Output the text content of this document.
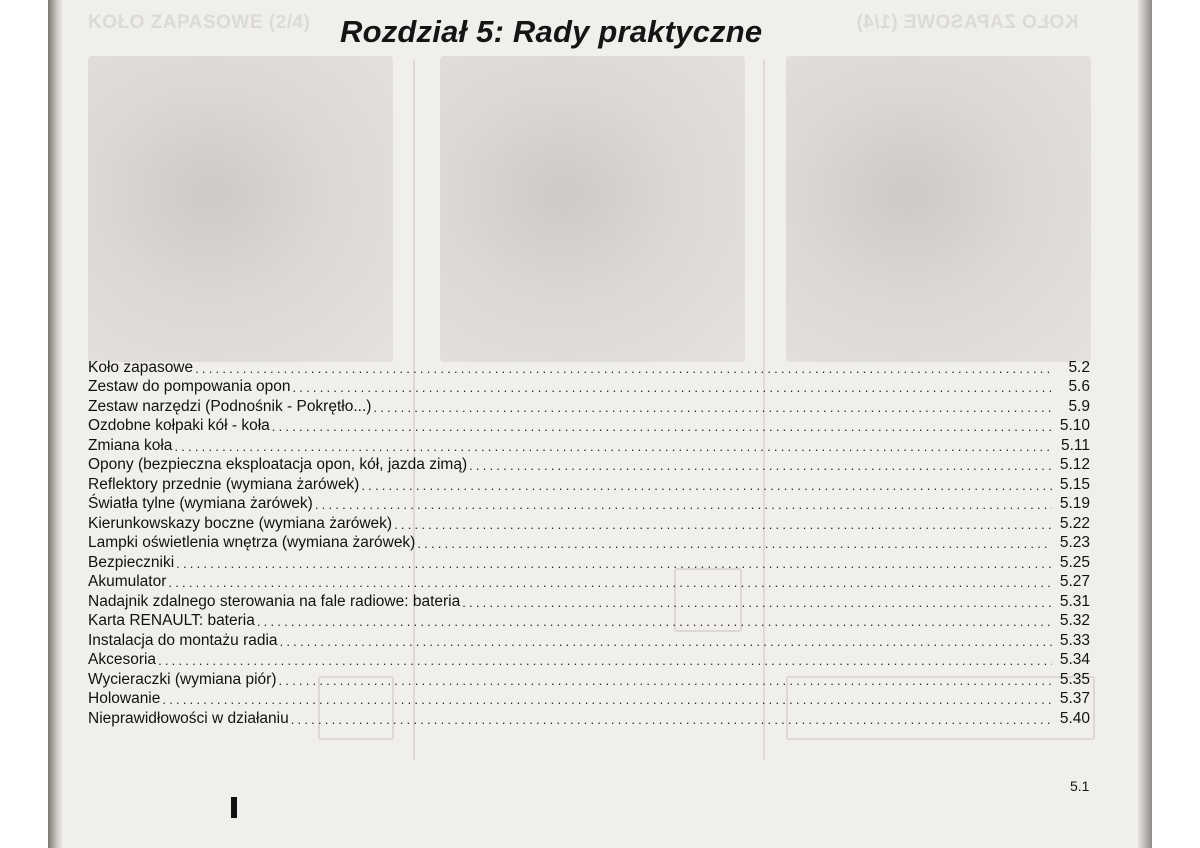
KOŁO ZAPASOWE (2/4)	KOŁO ZAPASOWE (1/4)
Rozdział 5: Rady praktyczne
Koło zapasowe .....	5.2
Zestaw do pompowania opon .....	5.6
Zestaw narzędzi (Podnośnik - Pokrętło...) .....	5.9
Ozdobne kołpaki kół - koła .....	5.10
Zmiana koła .....	5.11
Opony (bezpieczna eksploatacja opon, kół, jazda zimą) .....	5.12
Reflektory przednie (wymiana żarówek) .....	5.15
Światła tylne (wymiana żarówek) .....	5.19
Kierunkowskazy boczne (wymiana żarówek) .....	5.22
Lampki oświetlenia wnętrza (wymiana żarówek) .....	5.23
Bezpieczniki .....	5.25
Akumulator .....	5.27
Nadajnik zdalnego sterowania na fale radiowe: bateria .....	5.31
Karta RENAULT: bateria .....	5.32
Instalacja do montażu radia .....	5.33
Akcesoria .....	5.34
Wycieraczki (wymiana piór) .....	5.35
Holowanie .....	5.37
Nieprawidłowości w działaniu .....	5.40
5.1
